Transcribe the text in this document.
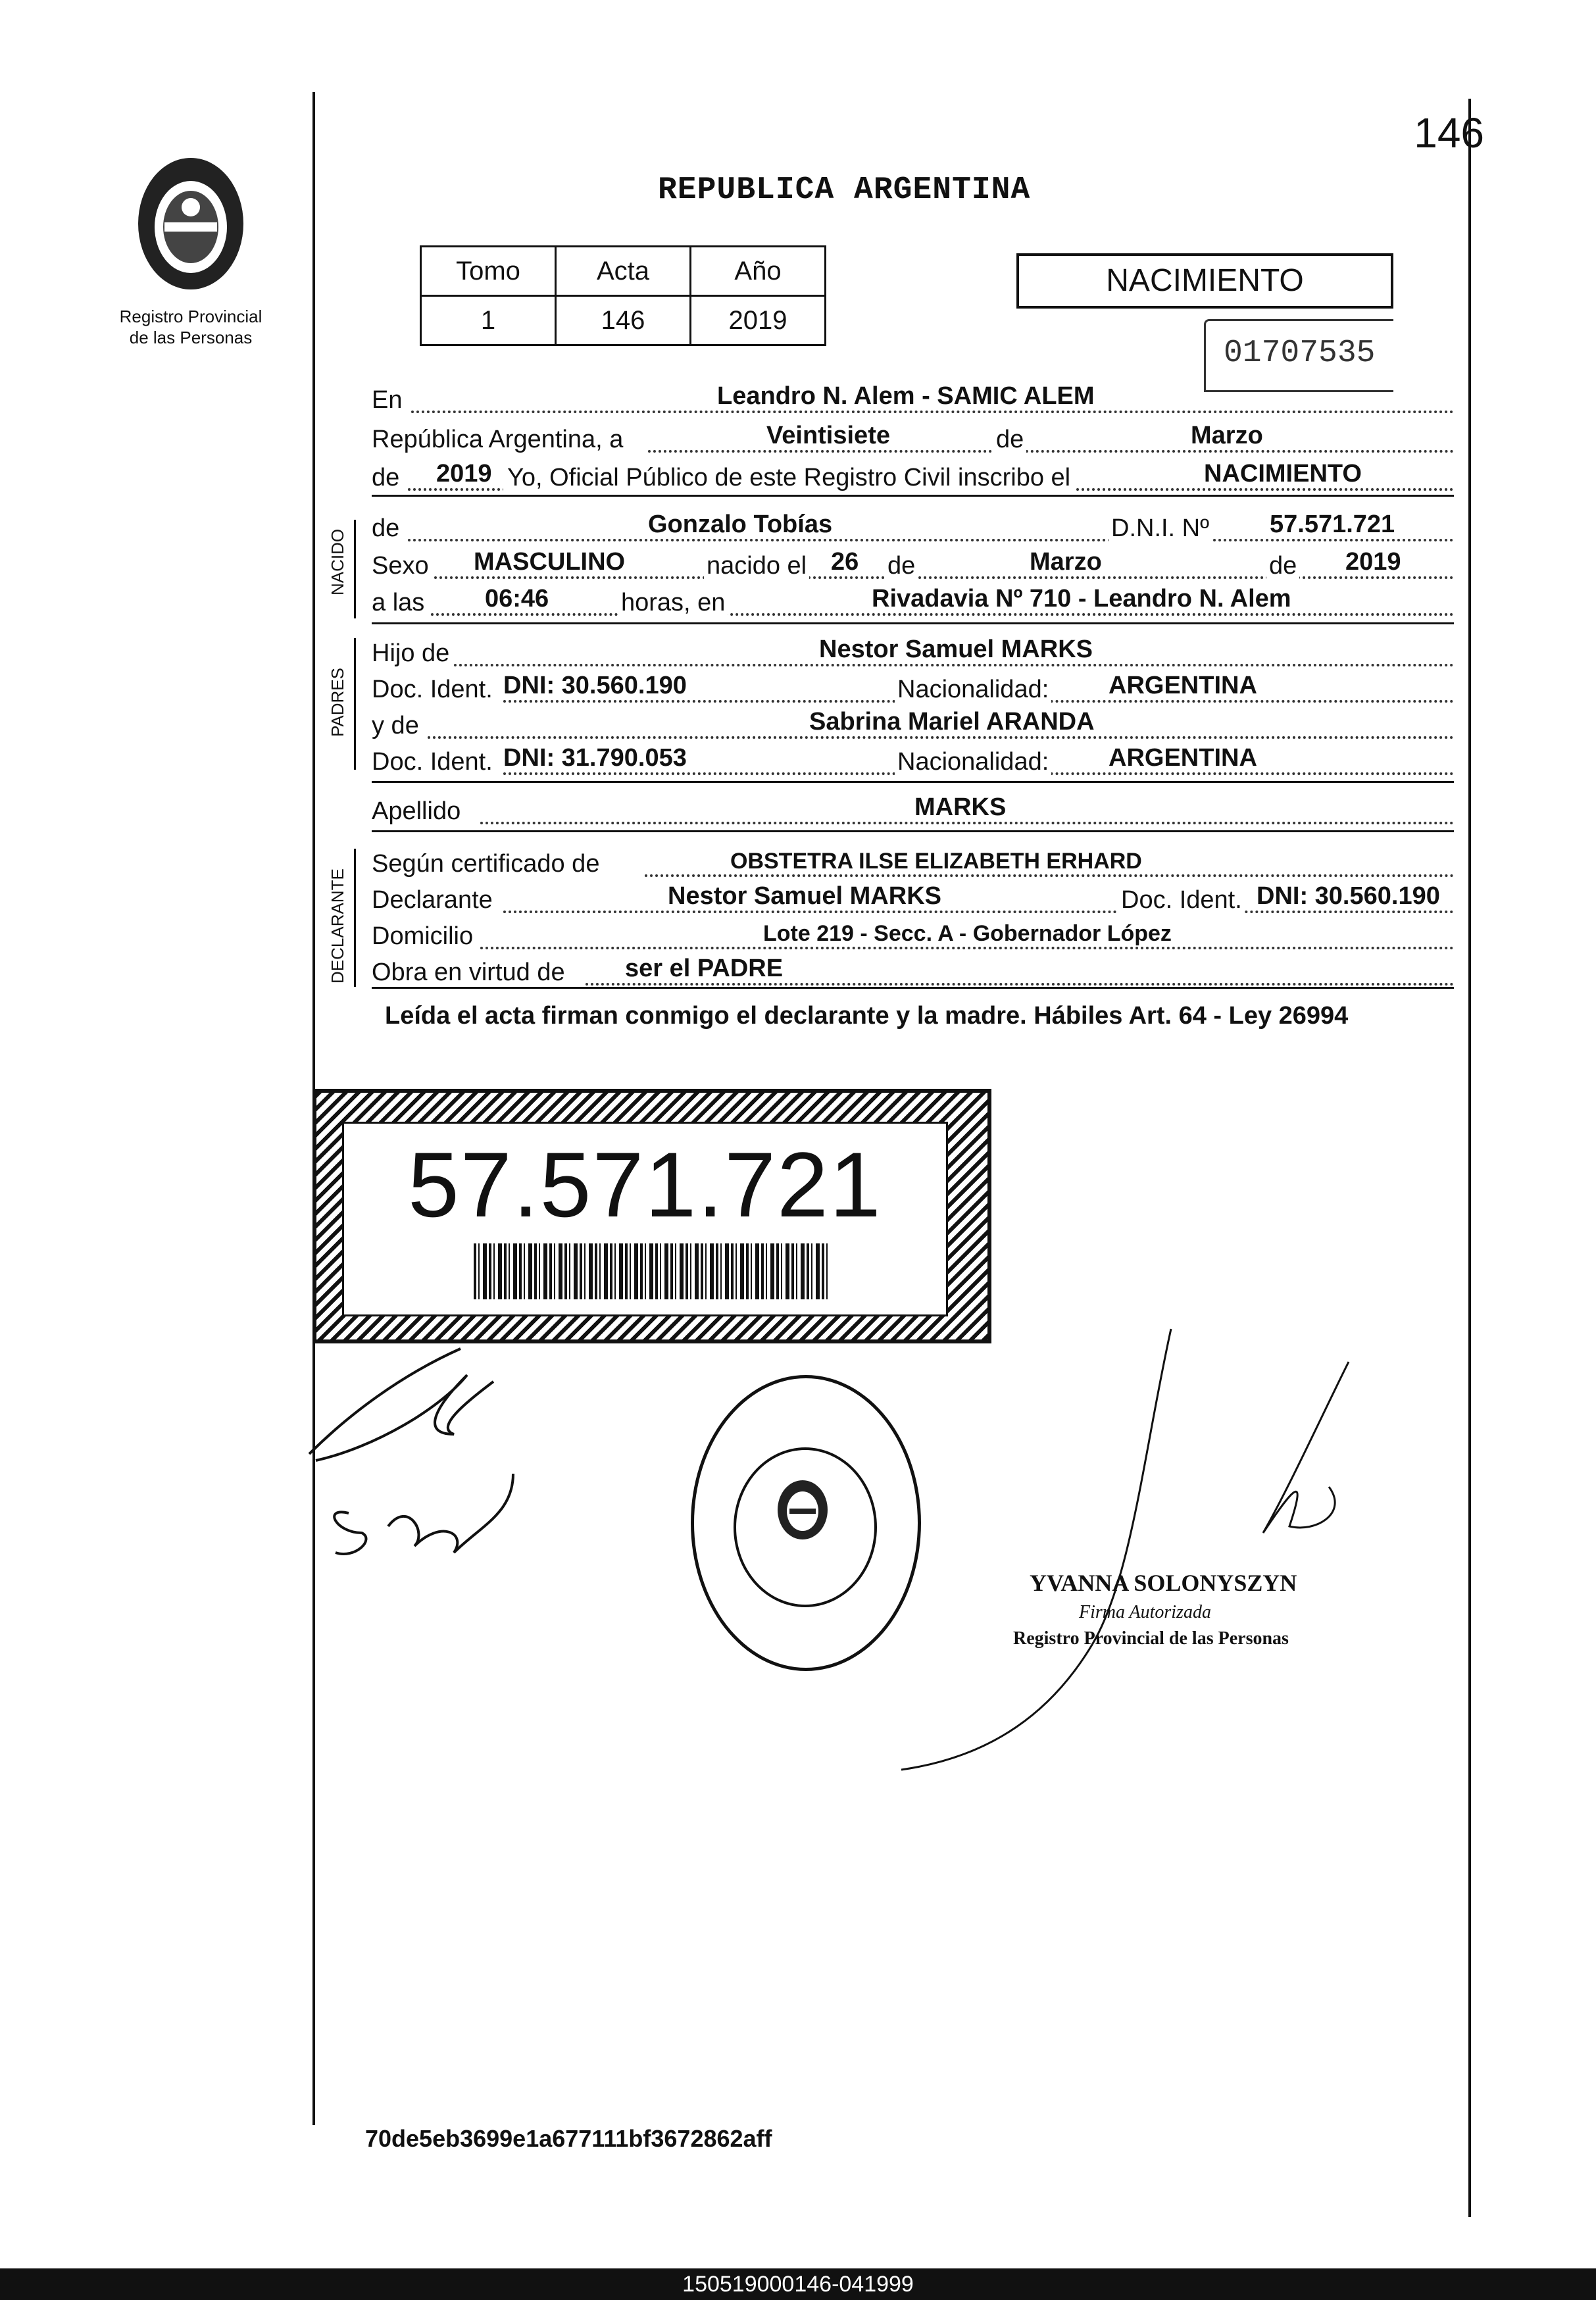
Registro Provincial
de las Personas
146
REPUBLICA ARGENTINA
Tomo	Acta	Año
1	146	2019
NACIMIENTO
01707535
En	Leandro N. Alem - SAMIC ALEM
República Argentina, a	Veintisiete	de	Marzo
de 2019 Yo, Oficial Público de este Registro Civil inscribo el	NACIMIENTO
NACIDO
de	Gonzalo Tobías	D.N.I. Nº 57.571.721
Sexo MASCULINO	nacido el 26 de	Marzo	de 2019
a las 06:46	horas, en	Rivadavia Nº 710 - Leandro N. Alem
PADRES
Hijo de	Nestor Samuel MARKS
Doc. Ident. DNI: 30.560.190	Nacionalidad: ARGENTINA
y de	Sabrina Mariel ARANDA
Doc. Ident. DNI: 31.790.053	Nacionalidad: ARGENTINA
Apellido	MARKS
DECLARANTE
Según certificado de	OBSTETRA ILSE ELIZABETH ERHARD
Declarante	Nestor Samuel MARKS	Doc. Ident. DNI: 30.560.190
Domicilio	Lote 219 - Secc. A - Gobernador López
Obra en virtud de ser el PADRE
Leída el acta firman conmigo el declarante y la madre. Hábiles Art. 64 - Ley 26994
57.571.721
YVANNA SOLONYSZYN
Firma Autorizada
Registro Provincial de las Personas
70de5eb3699e1a677111bf3672862aff
150519000146-041999
